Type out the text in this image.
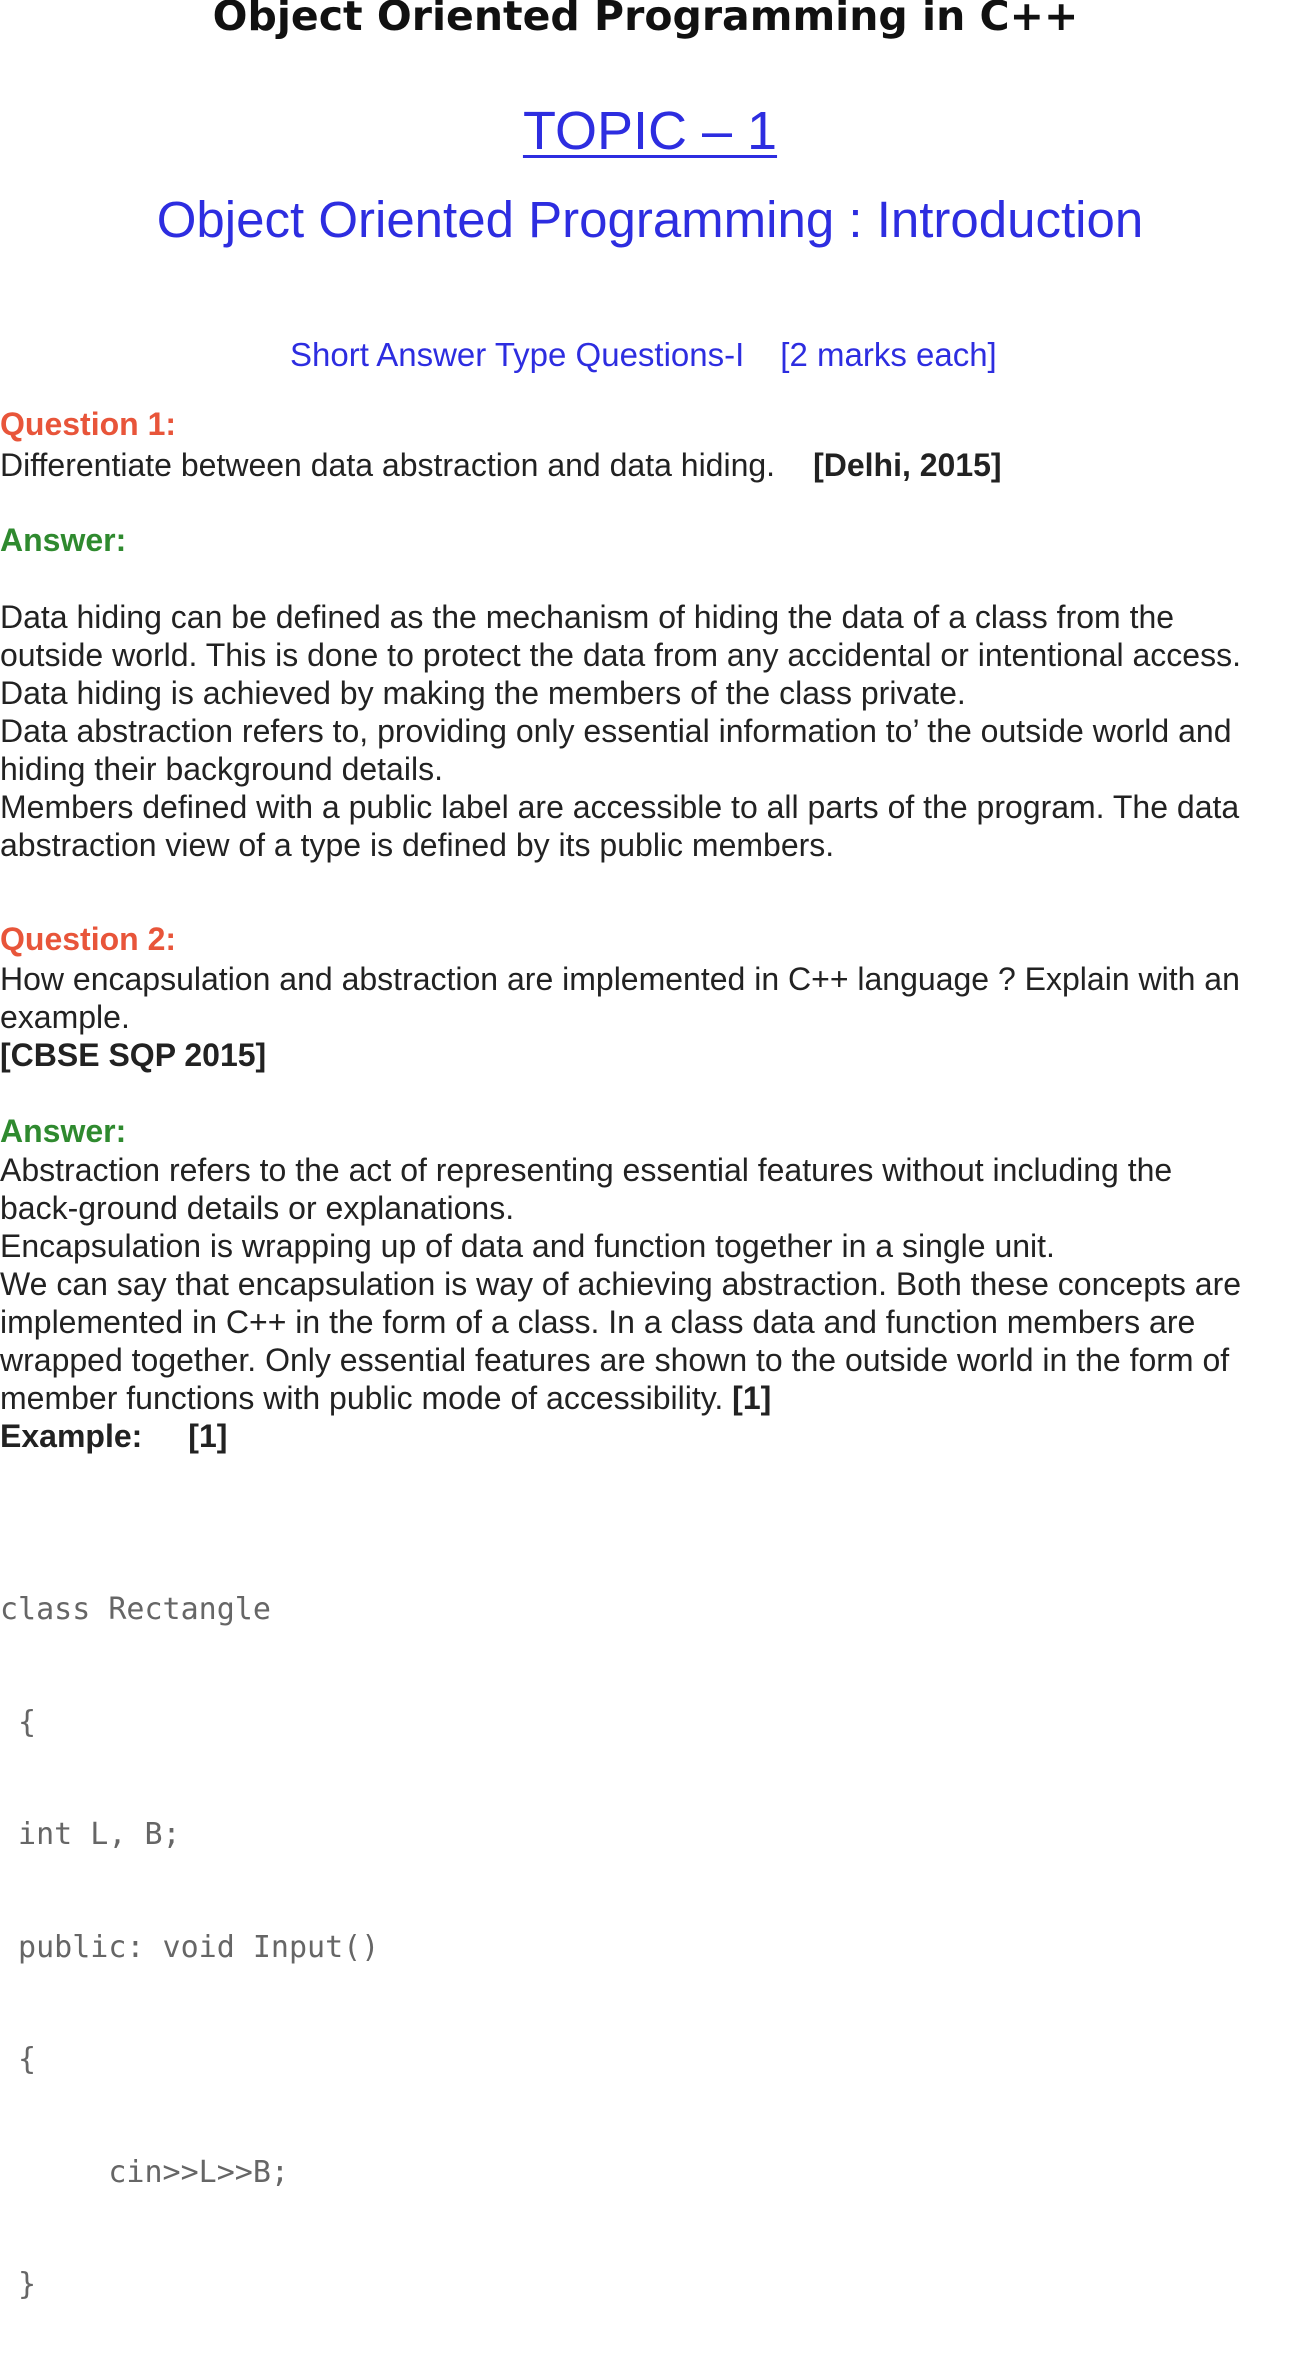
Object Oriented Programming in C++
TOPIC – 1
Object Oriented Programming : Introduction
Short Answer Type Questions-I [2 marks each]
Question 1:
Differentiate between data abstraction and data hiding. [Delhi, 2015]
Answer:
Data hiding can be defined as the mechanism of hiding the data of a class from the
outside world. This is done to protect the data from any accidental or intentional access.
Data hiding is achieved by making the members of the class private.
Data abstraction refers to, providing only essential information to’ the outside world and
hiding their background details.
Members defined with a public label are accessible to all parts of the program. The data
abstraction view of a type is defined by its public members.
Question 2:
How encapsulation and abstraction are implemented in C++ language ? Explain with an
example.
[CBSE SQP 2015]
Answer:
Abstraction refers to the act of representing essential features without including the
back-ground details or explanations.
Encapsulation is wrapping up of data and function together in a single unit.
We can say that encapsulation is way of achieving abstraction. Both these concepts are
implemented in C++ in the form of a class. In a class data and function members are
wrapped together. Only essential features are shown to the outside world in the form of
member functions with public mode of accessibility. [1]
Example: [1]

class Rectangle

{

int L, B;

public: void Input()

{

cin>>L>>B;

}
